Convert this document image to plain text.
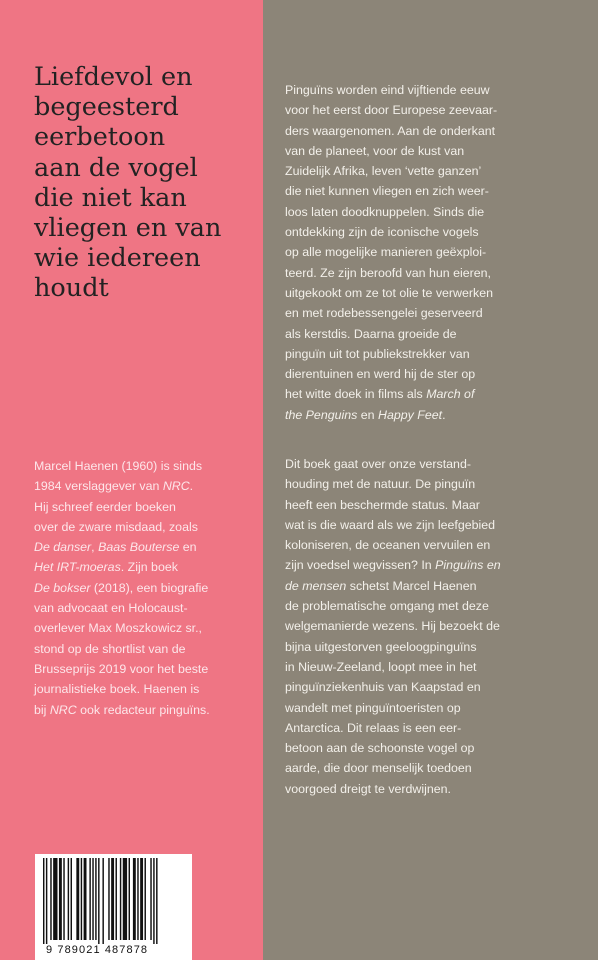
Liefdevol en
begeesterd
eerbetoon
aan de vogel
die niet kan
vliegen en van
wie iedereen
houdt
Marcel Haenen (1960) is sinds
1984 verslaggever van NRC.
Hij schreef eerder boeken
over de zware misdaad, zoals
De danser, Baas Bouterse en
Het IRT-moeras. Zijn boek
De bokser (2018), een biografie
van advocaat en Holocaust-
overlever Max Moszkowicz sr.,
stond op de shortlist van de
Brusseprijs 2019 voor het beste
journalistieke boek. Haenen is
bij NRC ook redacteur pinguïns.
Pinguïns worden eind vijftiende eeuw
voor het eerst door Europese zeevaar-
ders waargenomen. Aan de onderkant
van de planeet, voor de kust van
Zuidelijk Afrika, leven ‘vette ganzen’
die niet kunnen vliegen en zich weer-
loos laten doodknuppelen. Sinds die
ontdekking zijn de iconische vogels
op alle mogelijke manieren geëxploi-
teerd. Ze zijn beroofd van hun eieren,
uitgekookt om ze tot olie te verwerken
en met rodebessengelei geserveerd
als kerstdis. Daarna groeide de
pinguïn uit tot publiekstrekker van
dierentuinen en werd hij de ster op
het witte doek in films als March of
the Penguins en Happy Feet.
Dit boek gaat over onze verstand-
houding met de natuur. De pinguïn
heeft een beschermde status. Maar
wat is die waard als we zijn leefgebied
koloniseren, de oceanen vervuilen en
zijn voedsel wegvissen? In Pinguïns en
de mensen schetst Marcel Haenen
de problematische omgang met deze
welgemanierde wezens. Hij bezoekt de
bijna uitgestorven geeloogpinguïns
in Nieuw-Zeeland, loopt mee in het
pinguïnziekenhuis van Kaapstad en
wandelt met pinguïntoeristen op
Antarctica. Dit relaas is een eer-
betoon aan de schoonste vogel op
aarde, die door menselijk toedoen
voorgoed dreigt te verdwijnen.
9 789021 487878
